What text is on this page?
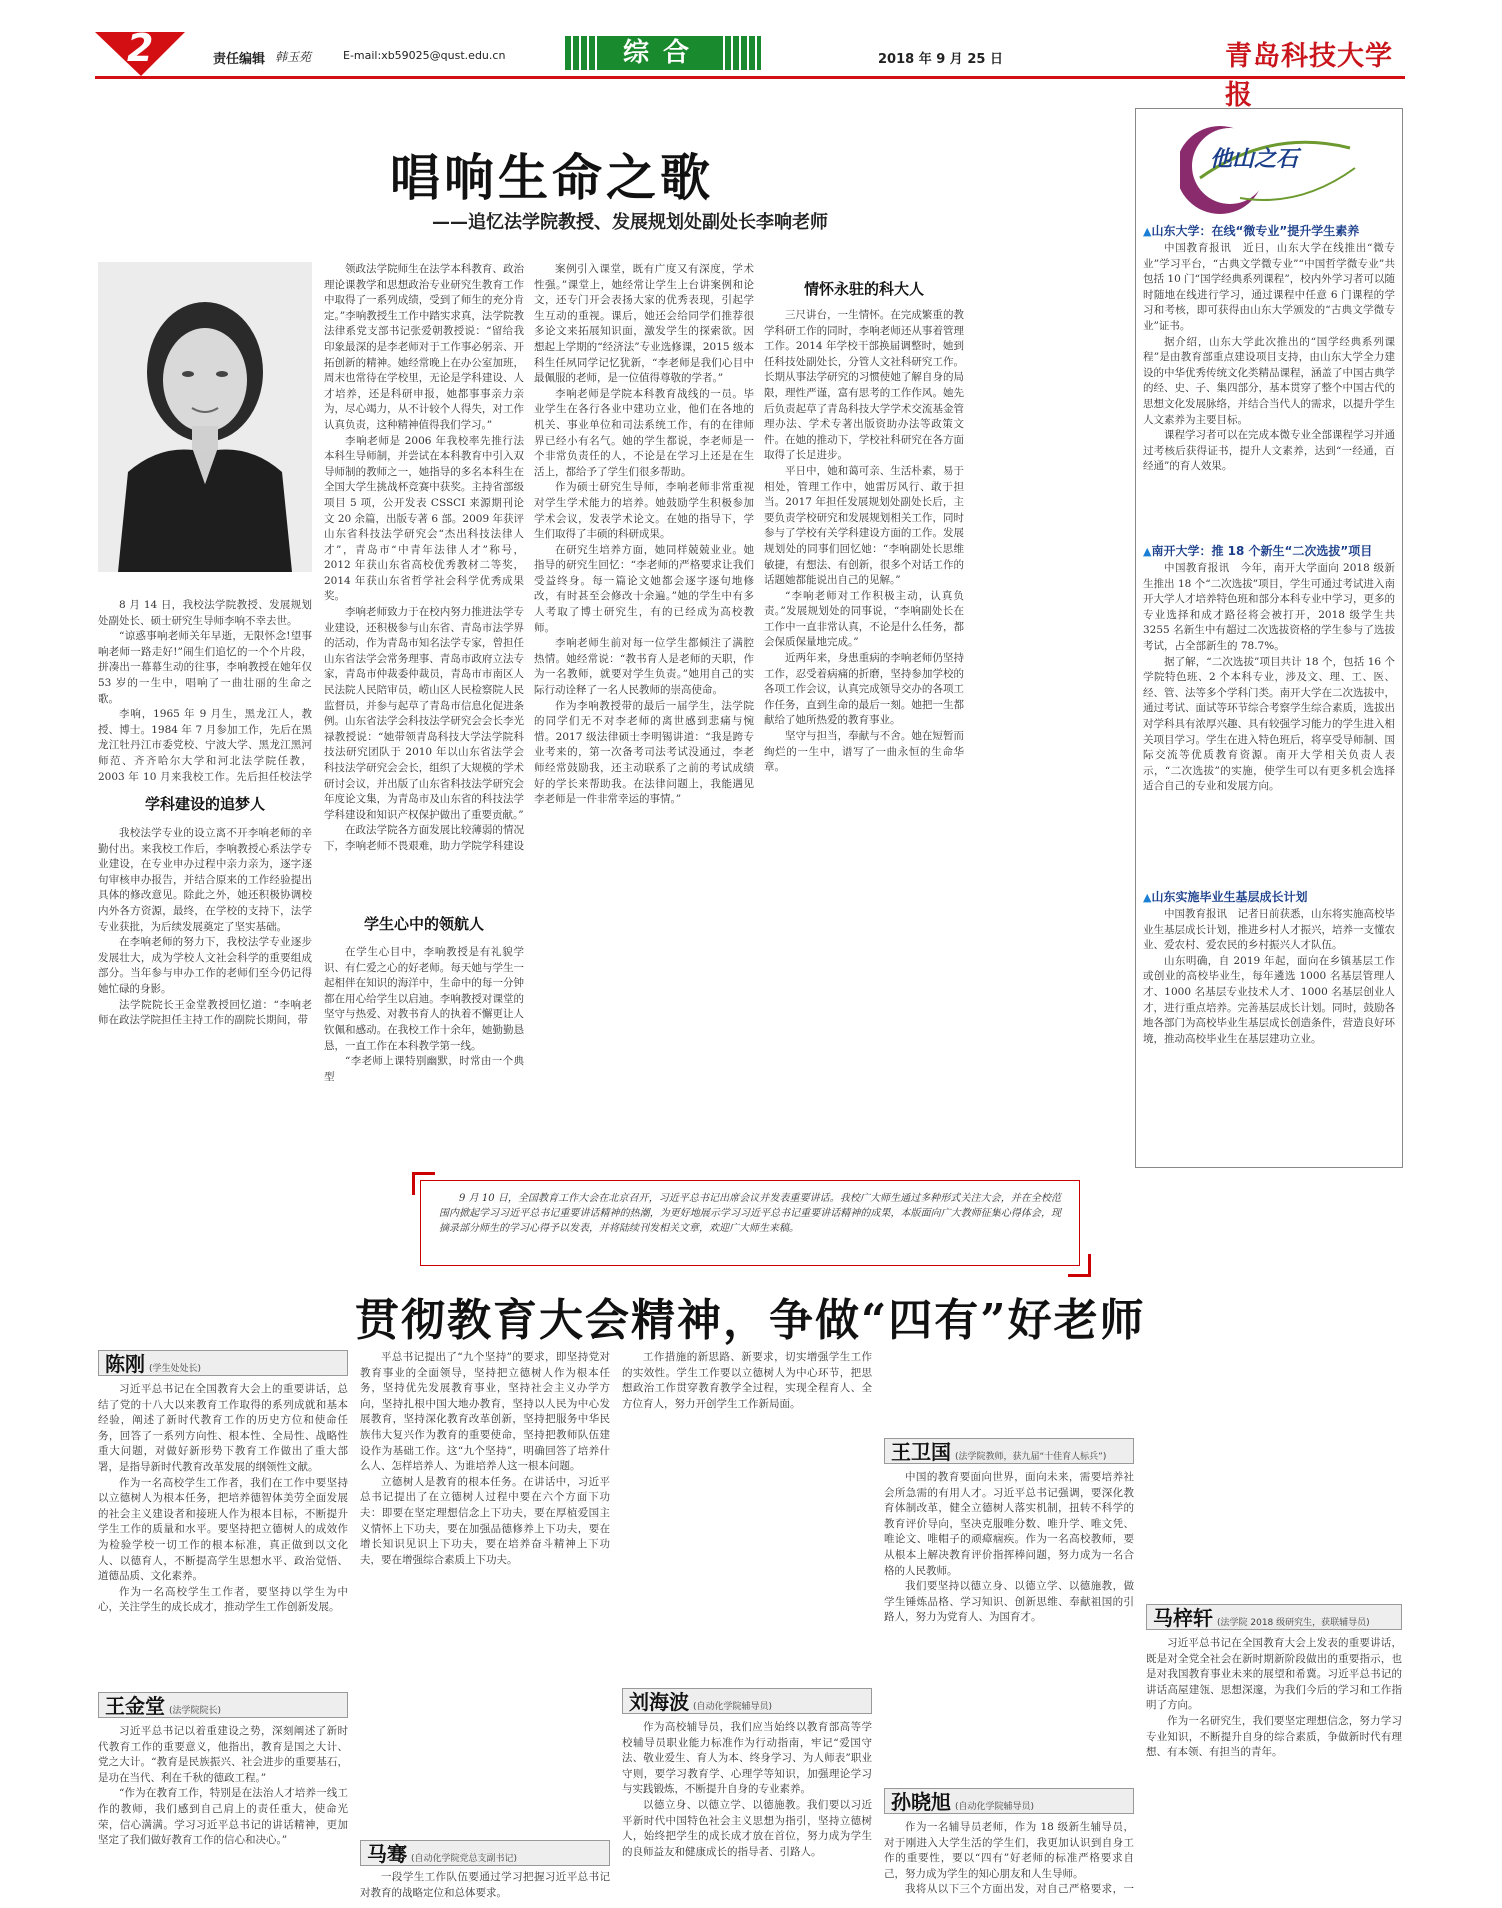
2	责任编辑 韩玉苑	E-mail:xb59025@qust.edu.cn	综合	2018 年 9 月 25 日	青岛科技大学报
唱响生命之歌
——追忆法学院教授、发展规划处副处长李响老师

8 月 14 日，我校法学院教授、发展规划处副处长、硕士研究生导师李响不幸去世。

“谅惑事响老师关年早逝，无限怀念!望事响老师一路走好!”闹生们追忆的一个个片段，拼凑出一幕幕生动的往事，李响教授在她年仅 53 岁的一生中，唱响了一曲壮丽的生命之歌。

李响，1965 年 9 月生，黑龙江人，教授、博士。1984 年 7 月参加工作，先后在黑龙江牡丹江市委党校、宁波大学、黑龙江黑河师范、齐齐哈尔大学和河北法学院任教，2003 年 10 月来我校工作。先后担任校法学

学科建设的追梦人

我校法学专业的设立离不开李响老师的辛勤付出。来我校工作后，李响教授心系法学专业建设，在专业申办过程中亲力亲为，逐字逐句审核申办报告，并结合原来的工作经验提出具体的修改意见。除此之外，她还积极协调校内外各方资源，最终，在学校的支持下，法学专业获批，为后续发展奠定了坚实基础。

在李响老师的努力下，我校法学专业逐步发展壮大，成为学校人文社会科学的重要组成部分。当年参与申办工作的老师们至今仍记得她忙碌的身影。

法学院院长王金堂教授回忆道：“李响老师在政法学院担任主持工作的副院长期间，带

领政法学院师生在法学本科教育、政治理论课教学和思想政治专业研究生教育工作中取得了一系列成绩，受到了师生的充分肯定。”李响教授生工作中踏实求真，法学院教法律系党支部书记张爱朝教授说：“留给我印象最深的是李老师对于工作事必躬亲、开拓创新的精神。她经常晚上在办公室加班，周末也常待在学校里，无论是学科建设、人才培养，还是科研申报，她都事事亲力亲为，尽心竭力，从不计较个人得失，对工作认真负责，这种精神值得我们学习。”

李响老师是 2006 年我校率先推行法本科生导师制，并尝试在本科教育中引入双导师制的教师之一，她指导的多名本科生在全国大学生挑战杯竞赛中获奖。主持省部级项目 5 项，公开发表 CSSCI 来源期刊论文 20 余篇，出版专著 6 部。2009 年获评山东省科技法学研究会“杰出科技法律人才”，青岛市“中青年法律人才”称号，2012 年获山东省高校优秀教材二等奖，2014 年获山东省哲学社会科学优秀成果奖。

李响老师致力于在校内努力推进法学专业建设，还积极参与山东省、青岛市法学界的活动，作为青岛市知名法学专家，曾担任山东省法学会常务理事、青岛市政府立法专家，青岛市仲裁委仲裁员，青岛市市南区人民法院人民陪审员，崂山区人民检察院人民监督员，并参与起草了青岛市信息化促进条例。山东省法学会科技法学研究会会长李光禄教授说：“她带领青岛科技大学法学院科技法研究团队于 2010 年以山东省法学会科技法学研究会会长，组织了大规模的学术研讨会议，并出版了山东省科技法学研究会年度论文集，为青岛市及山东省的科技法学学科建设和知识产权保护做出了重要贡献。”

在政法学院各方面发展比较薄弱的情况下，李响老师不畏艰难，助力学院学科建设

学生心中的领航人

在学生心目中，李响教授是有礼貌学识、有仁爱之心的好老师。每天她与学生一起相伴在知识的海洋中，生命中的每一分钟都在用心给学生以启迪。李响教授对课堂的坚守与热爱、对教书育人的执着不懈更让人钦佩和感动。在我校工作十余年，她勤勤恳恳，一直工作在本科教学第一线。

“李老师上课特别幽默，时常由一个典型

案例引入课堂，既有广度又有深度，学术性强。”课堂上，她经常让学生上台讲案例和论文，还专门开会表扬大家的优秀表现，引起学生互动的重视。课后，她还会给同学们推荐很多论文来拓展知识面，激发学生的探索欲。因想起上学期的“经济法”专业选修课，2015 级本科生任夙同学记忆犹新，“李老师是我们心目中最佩服的老师，是一位值得尊敬的学者。”

李响老师是学院本科教育战线的一员。毕业学生在各行各业中建功立业，他们在各地的机关、事业单位和司法系统工作，有的在律师界已经小有名气。她的学生都说，李老师是一个非常负责任的人，不论是在学习上还是在生活上，都给予了学生们很多帮助。

作为硕士研究生导师，李响老师非常重视对学生学术能力的培养。她鼓励学生积极参加学术会议，发表学术论文。在她的指导下，学生们取得了丰硕的科研成果。

在研究生培养方面，她同样兢兢业业。她指导的研究生回忆：“李老师的严格要求让我们受益终身。每一篇论文她都会逐字逐句地修改，有时甚至会修改十余遍。”她的学生中有多人考取了博士研究生，有的已经成为高校教师。

李响老师生前对每一位学生都倾注了满腔热情。她经常说：“教书育人是老师的天职，作为一名教师，就要对学生负责。”她用自己的实际行动诠释了一名人民教师的崇高使命。

作为李响教授带的最后一届学生，法学院的同学们无不对李老师的离世感到悲痛与惋惜。2017 级法律硕士李明锡讲道：“我是跨专业考来的，第一次备考司法考试没通过，李老师经常鼓励我，还主动联系了之前的考试成绩好的学长来帮助我。在法律问题上，我能遇见李老师是一件非常幸运的事情。”

情怀永驻的科大人

三尺讲台，一生情怀。在完成繁重的教学科研工作的同时，李响老师还从事着管理工作。2014 年学校干部换届调整时，她到任科技处副处长，分管人文社科研究工作。长期从事法学研究的习惯使她了解自身的局限，理性严谨，富有思考的工作作风。她先后负责起草了青岛科技大学学术交流基金管理办法、学术专著出版资助办法等政策文件。在她的推动下，学校社科研究在各方面取得了长足进步。

平日中，她和蔼可亲、生活朴素，易于相处，管理工作中，她雷厉风行、敢于担当。2017 年担任发展规划处副处长后，主要负责学校研究和发展规划相关工作，同时参与了学校有关学科建设方面的工作。发展规划处的同事们回忆她：“李响副处长思维敏捷，有想法、有创新，很多个对话工作的话题她都能说出自己的见解。”

“李响老师对工作积极主动，认真负责。”发展规划处的同事说，“李响副处长在工作中一直非常认真，不论是什么任务，都会保质保量地完成。”

近两年来，身患重病的李响老师仍坚持工作，忍受着病痛的折磨，坚持参加学校的各项工作会议，认真完成领导交办的各项工作任务，直到生命的最后一刻。她把一生都献给了她所热爱的教育事业。

坚守与担当，奉献与不舍。她在短暂而绚烂的一生中，谱写了一曲永恒的生命华章。

他山之石
▲山东大学：在线“微专业”提升学生素养

中国教育报讯　近日，山东大学在线推出“微专业”学习平台，“古典文学微专业”“中国哲学微专业”共包括 10 门“国学经典系列课程”，校内外学习者可以随时随地在线进行学习，通过课程中任意 6 门课程的学习和考核，即可获得由山东大学颁发的“古典文学微专业”证书。

据介绍，山东大学此次推出的“国学经典系列课程”是由教育部重点建设项目支持，由山东大学全力建设的中华优秀传统文化类精品课程，涵盖了中国古典学的经、史、子、集四部分，基本贯穿了整个中国古代的思想文化发展脉络，并结合当代人的需求，以提升学生人文素养为主要目标。

课程学习者可以在完成本微专业全部课程学习并通过考核后获得证书，提升人文素养，达到“一经通，百经通”的育人效果。

▲南开大学：推 18 个新生“二次选拔”项目

中国教育报讯　今年，南开大学面向 2018 级新生推出 18 个“二次选拔”项目，学生可通过考试进入南开大学人才培养特色班和部分本科专业中学习，更多的专业选择和成才路径将会被打开，2018 级学生共 3255 名新生中有超过二次选拔资格的学生参与了选拔考试，占全部新生的 78.7%。

据了解，“二次选拔”项目共计 18 个，包括 16 个学院特色班、2 个本科专业，涉及文、理、工、医、经、管、法等多个学科门类。南开大学在二次选拔中，通过考试、面试等环节综合考察学生综合素质，选拔出对学科具有浓厚兴趣、具有较强学习能力的学生进入相关项目学习。学生在进入特色班后，将享受导师制、国际交流等优质教育资源。南开大学相关负责人表示，“二次选拔”的实施，使学生可以有更多机会选择适合自己的专业和发展方向。

▲山东实施毕业生基层成长计划

中国教育报讯　记者日前获悉，山东将实施高校毕业生基层成长计划，推进乡村人才振兴，培养一支懂农业、爱农村、爱农民的乡村振兴人才队伍。

山东明确，自 2019 年起，面向在乡镇基层工作或创业的高校毕业生，每年遴选 1000 名基层管理人才、1000 名基层专业技术人才、1000 名基层创业人才，进行重点培养。完善基层成长计划。同时，鼓励各地各部门为高校毕业生基层成长创造条件，营造良好环境，推动高校毕业生在基层建功立业。

9 月 10 日，全国教育工作大会在北京召开，习近平总书记出席会议并发表重要讲话。我校广大师生通过多种形式关注大会，并在全校范围内掀起学习习近平总书记重要讲话精神的热潮，为更好地展示学习习近平总书记重要讲话精神的成果，本版面向广大教师征集心得体会，现摘录部分师生的学习心得予以发表，并将陆续刊发相关文章，欢迎广大师生来稿。
贯彻教育大会精神，争做“四有”好老师
陈刚 (学生处处长)

习近平总书记在全国教育大会上的重要讲话，总结了党的十八大以来教育工作取得的系列成就和基本经验，阐述了新时代教育工作的历史方位和使命任务，回答了一系列方向性、根本性、全局性、战略性重大问题，对做好新形势下教育工作做出了重大部署，是指导新时代教育改革发展的纲领性文献。

作为一名高校学生工作者，我们在工作中要坚持以立德树人为根本任务，把培养德智体美劳全面发展的社会主义建设者和接班人作为根本目标，不断提升学生工作的质量和水平。要坚持把立德树人的成效作为检验学校一切工作的根本标准，真正做到以文化人、以德育人，不断提高学生思想水平、政治觉悟、道德品质、文化素养。

作为一名高校学生工作者，要坚持以学生为中心，关注学生的成长成才，推动学生工作创新发展。

王金堂 (法学院院长)

习近平总书记以着重建设之势，深刻阐述了新时代教育工作的重要意义，他指出，教育是国之大计、党之大计。“教育是民族振兴、社会进步的重要基石，是功在当代、利在千秋的德政工程。”

“作为在教育工作，特别是在法治人才培养一线工作的教师，我们感到自己肩上的责任重大，使命光荣，信心满满。学习习近平总书记的讲话精神，更加坚定了我们做好教育工作的信心和决心。”

平总书记提出了“九个坚持”的要求，即坚持党对教育事业的全面领导，坚持把立德树人作为根本任务，坚持优先发展教育事业，坚持社会主义办学方向，坚持扎根中国大地办教育，坚持以人民为中心发展教育，坚持深化教育改革创新，坚持把服务中华民族伟大复兴作为教育的重要使命，坚持把教师队伍建设作为基础工作。这“九个坚持”，明确回答了培养什么人、怎样培养人、为谁培养人这一根本问题。

立德树人是教育的根本任务。在讲话中，习近平总书记提出了在立德树人过程中要在六个方面下功夫：即要在坚定理想信念上下功夫，要在厚植爱国主义情怀上下功夫，要在加强品德修养上下功夫，要在增长知识见识上下功夫，要在培养奋斗精神上下功夫，要在增强综合素质上下功夫。

马骞 (自动化学院党总支副书记)

一段学生工作队伍要通过学习把握习近平总书记对教育的战略定位和总体要求。

工作措施的新思路、新要求，切实增强学生工作的实效性。学生工作要以立德树人为中心环节，把思想政治工作贯穿教育教学全过程，实现全程育人、全方位育人，努力开创学生工作新局面。

刘海波 (自动化学院辅导员)

作为高校辅导员，我们应当始终以教育部高等学校辅导员职业能力标准作为行动指南，牢记“爱国守法、敬业爱生、育人为本、终身学习、为人师表”职业守则，要学习教育学、心理学等知识，加强理论学习与实践锻炼，不断提升自身的专业素养。

以德立身、以德立学、以德施教。我们要以习近平新时代中国特色社会主义思想为指引，坚持立德树人，始终把学生的成长成才放在首位，努力成为学生的良师益友和健康成长的指导者、引路人。

王卫国 (法学院教师，获九届“十佳育人标兵”)

中国的教育要面向世界，面向未来，需要培养社会所急需的有用人才。习近平总书记强调，要深化教育体制改革，健全立德树人落实机制，扭转不科学的教育评价导向，坚决克服唯分数、唯升学、唯文凭、唯论文、唯帽子的顽瘴痼疾。作为一名高校教师，要从根本上解决教育评价指挥棒问题，努力成为一名合格的人民教师。

我们要坚持以德立身、以德立学、以德施教，做学生锤炼品格、学习知识、创新思维、奉献祖国的引路人，努力为党育人、为国育才。

孙晓旭 (自动化学院辅导员)

作为一名辅导员老师，作为 18 级新生辅导员，对于刚进入大学生活的学生们，我更加认识到自身工作的重要性，要以“四有”好老师的标准严格要求自己，努力成为学生的知心朋友和人生导师。

我将从以下三个方面出发，对自己严格要求，一

马梓轩 (法学院 2018 级研究生，获联辅导员)

习近平总书记在全国教育大会上发表的重要讲话，既是对全党全社会在新时期新阶段做出的重要指示，也是对我国教育事业未来的展望和希冀。习近平总书记的讲话高屋建瓴、思想深邃，为我们今后的学习和工作指明了方向。

作为一名研究生，我们要坚定理想信念，努力学习专业知识，不断提升自身的综合素质，争做新时代有理想、有本领、有担当的青年。
